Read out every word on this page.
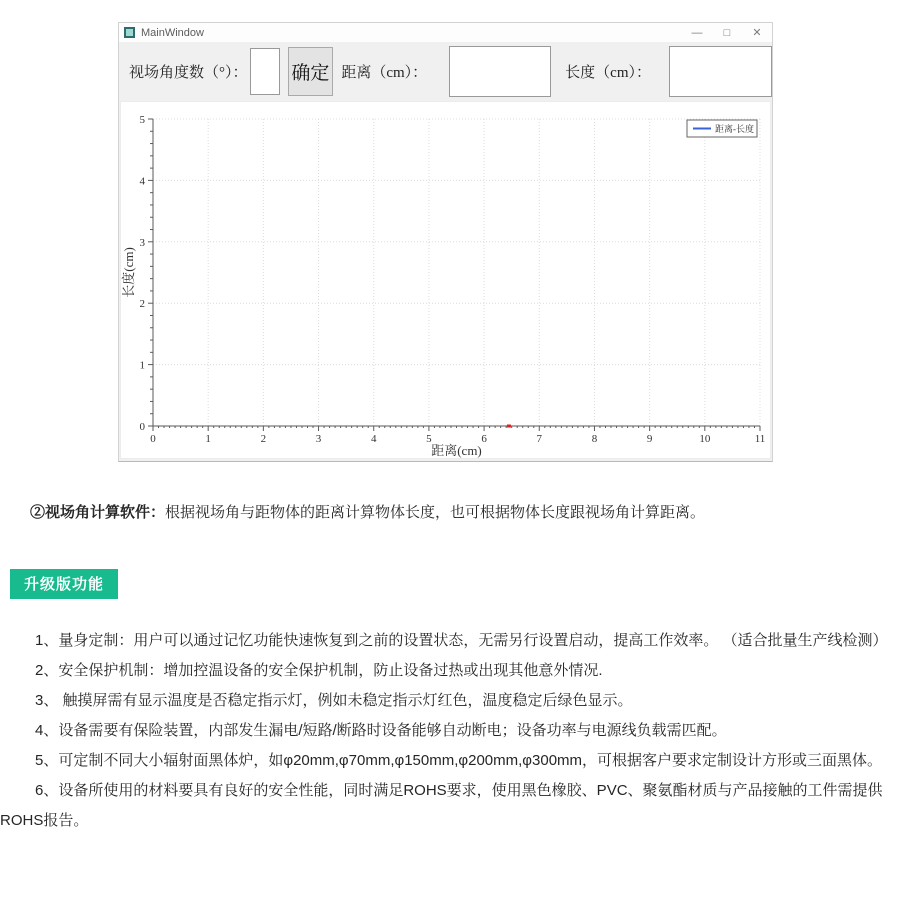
MainWindow	—	□	✕
视场角度数（°）： 确定 距离（cm）：	长度（cm）：
0	1	2	3	4	5	6	7	8	9	10	11
0
1
2
3
4
5
距离(cm)
长度(cm)
距离-长度

②视场角计算软件：根据视场角与距物体的距离计算物体长度，也可根据物体长度跟视场角计算距离。

升级版功能

1、量身定制：用户可以通过记忆功能快速恢复到之前的设置状态，无需另行设置启动，提高工作效率。 （适合批量生产线检测）

2、安全保护机制：增加控温设备的安全保护机制，防止设备过热或出现其他意外情况.

3、 触摸屏需有显示温度是否稳定指示灯，例如未稳定指示灯红色，温度稳定后绿色显示。

4、设备需要有保险装置，内部发生漏电/短路/断路时设备能够自动断电；设备功率与电源线负载需匹配。

5、可定制不同大小辐射面黑体炉，如φ20mm,φ70mm,φ150mm,φ200mm,φ300mm，可根据客户要求定制设计方形或三面黑体。

6、设备所使用的材料要具有良好的安全性能，同时满足ROHS要求，使用黑色橡胶、PVC、聚氨酯材质与产品接触的工件需提供ROHS报告。
